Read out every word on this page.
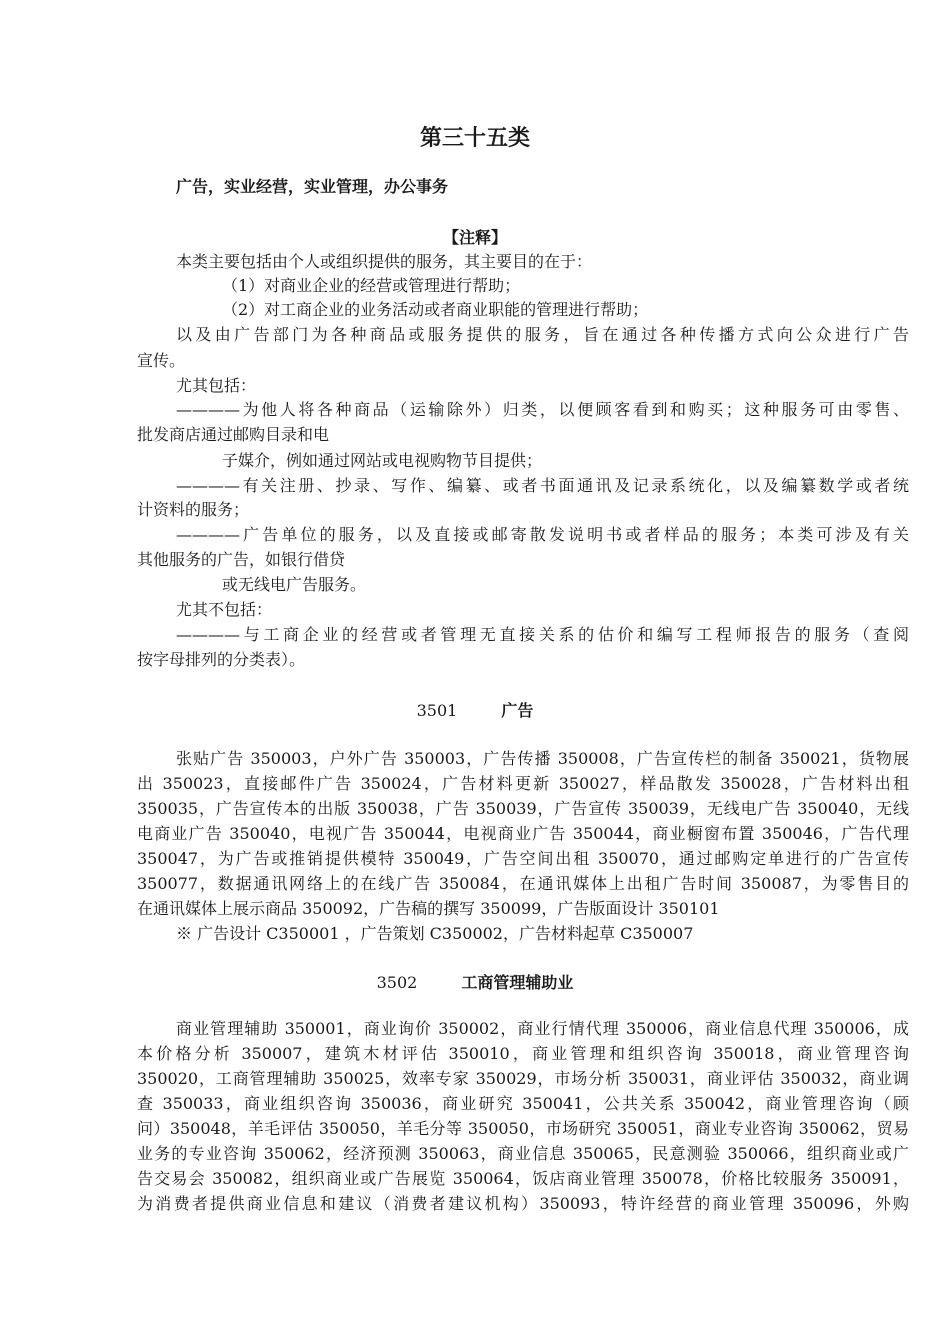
第三十五类
广告，实业经营，实业管理，办公事务
【注释】
本类主要包括由个人或组织提供的服务，其主要目的在于：
（1）对商业企业的经营或管理进行帮助；
（2）对工商企业的业务活动或者商业职能的管理进行帮助；
以及由广告部门为各种商品或服务提供的服务，旨在通过各种传播方式向公众进行广告
宣传。
尤其包括：
————为他人将各种商品（运输除外）归类，以便顾客看到和购买；这种服务可由零售、
批发商店通过邮购目录和电
子媒介，例如通过网站或电视购物节目提供；
————有关注册、抄录、写作、编纂、或者书面通讯及记录系统化，以及编纂数学或者统
计资料的服务；
————广告单位的服务，以及直接或邮寄散发说明书或者样品的服务；本类可涉及有关
其他服务的广告，如银行借贷
或无线电广告服务。
尤其不包括：
————与工商企业的经营或者管理无直接关系的估价和编写工程师报告的服务（查阅
按字母排列的分类表）。
3501	广告
张贴广告 350003，户外广告 350003，广告传播 350008，广告宣传栏的制备 350021，货物展
出 350023，直接邮件广告 350024，广告材料更新 350027，样品散发 350028，广告材料出租
350035，广告宣传本的出版 350038，广告 350039，广告宣传 350039，无线电广告 350040，无线
电商业广告 350040，电视广告 350044，电视商业广告 350044，商业橱窗布置 350046，广告代理
350047，为广告或推销提供模特 350049，广告空间出租 350070，通过邮购定单进行的广告宣传
350077，数据通讯网络上的在线广告 350084，在通讯媒体上出租广告时间 350087，为零售目的
在通讯媒体上展示商品 350092，广告稿的撰写 350099，广告版面设计 350101
※ 广告设计 C350001 ，广告策划 C350002，广告材料起草 C350007
3502	工商管理辅助业
商业管理辅助 350001，商业询价 350002，商业行情代理 350006，商业信息代理 350006，成
本价格分析 350007，建筑木材评估 350010，商业管理和组织咨询 350018，商业管理咨询
350020，工商管理辅助 350025，效率专家 350029，市场分析 350031，商业评估 350032，商业调
查 350033，商业组织咨询 350036，商业研究 350041，公共关系 350042，商业管理咨询（顾
问）350048，羊毛评估 350050，羊毛分等 350050，市场研究 350051，商业专业咨询 350062，贸易
业务的专业咨询 350062，经济预测 350063，商业信息 350065，民意测验 350066，组织商业或广
告交易会 350082，组织商业或广告展览 350064，饭店商业管理 350078，价格比较服务 350091，
为消费者提供商业信息和建议（消费者建议机构）350093，特许经营的商业管理 350096，外购
